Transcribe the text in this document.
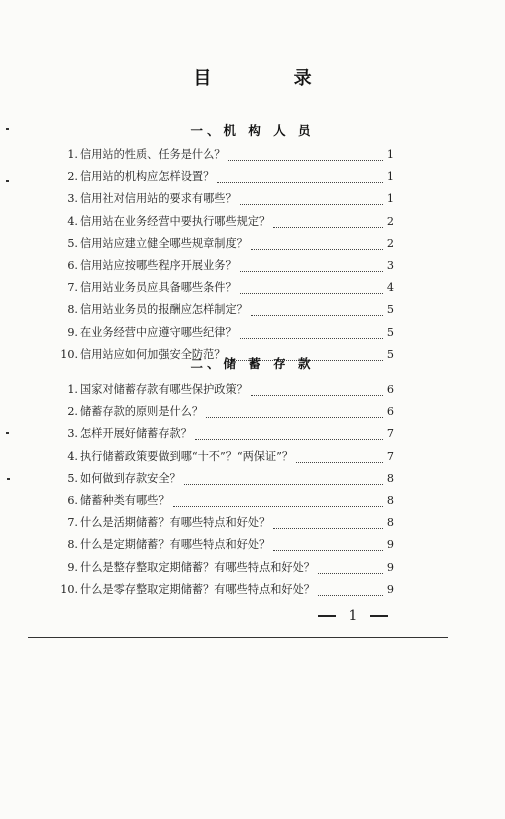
目 录
一、机 构 人 员
1. 信用站的性质、任务是什么？	1
2. 信用站的机构应怎样设置？	1
3. 信用社对信用站的要求有哪些？	1
4. 信用站在业务经营中要执行哪些规定？	2
5. 信用站应建立健全哪些规章制度？	2
6. 信用站应按哪些程序开展业务？	3
7. 信用站业务员应具备哪些条件？	4
8. 信用站业务员的报酬应怎样制定？	5
9. 在业务经营中应遵守哪些纪律？	5
10. 信用站应如何加强安全防范？	5
二、储 蓄 存 款
1. 国家对储蓄存款有哪些保护政策？	6
2. 储蓄存款的原则是什么？	6
3. 怎样开展好储蓄存款？	7
4. 执行储蓄政策要做到哪“十不”？“两保证”？	7
5. 如何做到存款安全？	8
6. 储蓄种类有哪些？	8
7. 什么是活期储蓄？有哪些特点和好处？	8
8. 什么是定期储蓄？有哪些特点和好处？	9
9. 什么是整存整取定期储蓄？有哪些特点和好处？	9
10. 什么是零存整取定期储蓄？有哪些特点和好处？	9
1
